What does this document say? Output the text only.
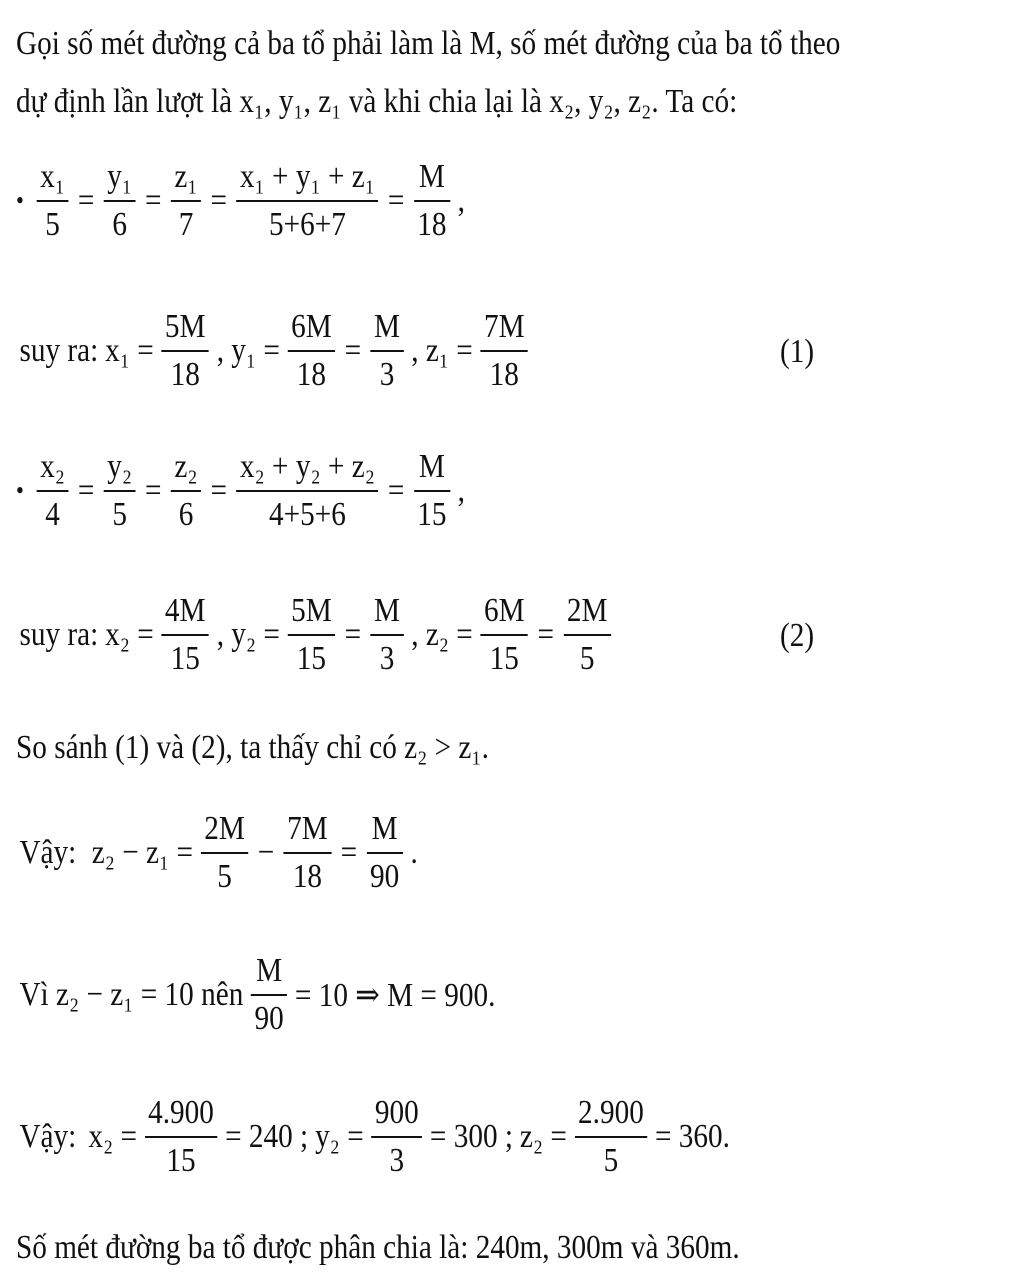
Gọi số mét đường cả ba tổ phải làm là M, số mét đường của ba tổ theo
dự định lần lượt là x₁, y₁, z₁ và khi chia lại là x₂, y₂, z₂. Ta có:
• $\frac{\text{x₁}}{5} = \frac{\text{y₁}}{6} = \frac{\text{z₁}}{7} = \frac{\text{x₁ + y₁ + z₁}}{5+6+7} = \frac{M}{18}$ ,
suy ra: $x_1 = \frac{5M}{18}$ , $y_1 = \frac{6M}{18} = \frac{M}{3}$ , $z_1 = \frac{7M}{18}$	(1)
• $\frac{\text{x₂}}{4} = \frac{\text{y₂}}{5} = \frac{\text{z₂}}{6} = \frac{\text{x₂ + y₂ + z₂}}{4+5+6} = \frac{M}{15}$ ,
suy ra: $x_2 = \frac{4M}{15}$ , $y_2 = \frac{5M}{15} = \frac{M}{3}$ , $z_2 = \frac{6M}{15} = \frac{2M}{5}$	(2)
So sánh (1) và (2), ta thấy chỉ có z₂ > z₁.
Vậy: $z_2 - z_1 = \frac{2M}{5} - \frac{7M}{18} = \frac{M}{90}$ .
Vì z₂ − z₁ = 10 nên $\frac{M}{90} = 10$ ⇒ M = 900.
Vậy: $x_2 = \frac{4.900}{15} = 240$ ; $y_2 = \frac{900}{3} = 300$ ; $z_2 = \frac{2.900}{5} = 360$.
Số mét đường ba tổ được phân chia là: 240m, 300m và 360m.
